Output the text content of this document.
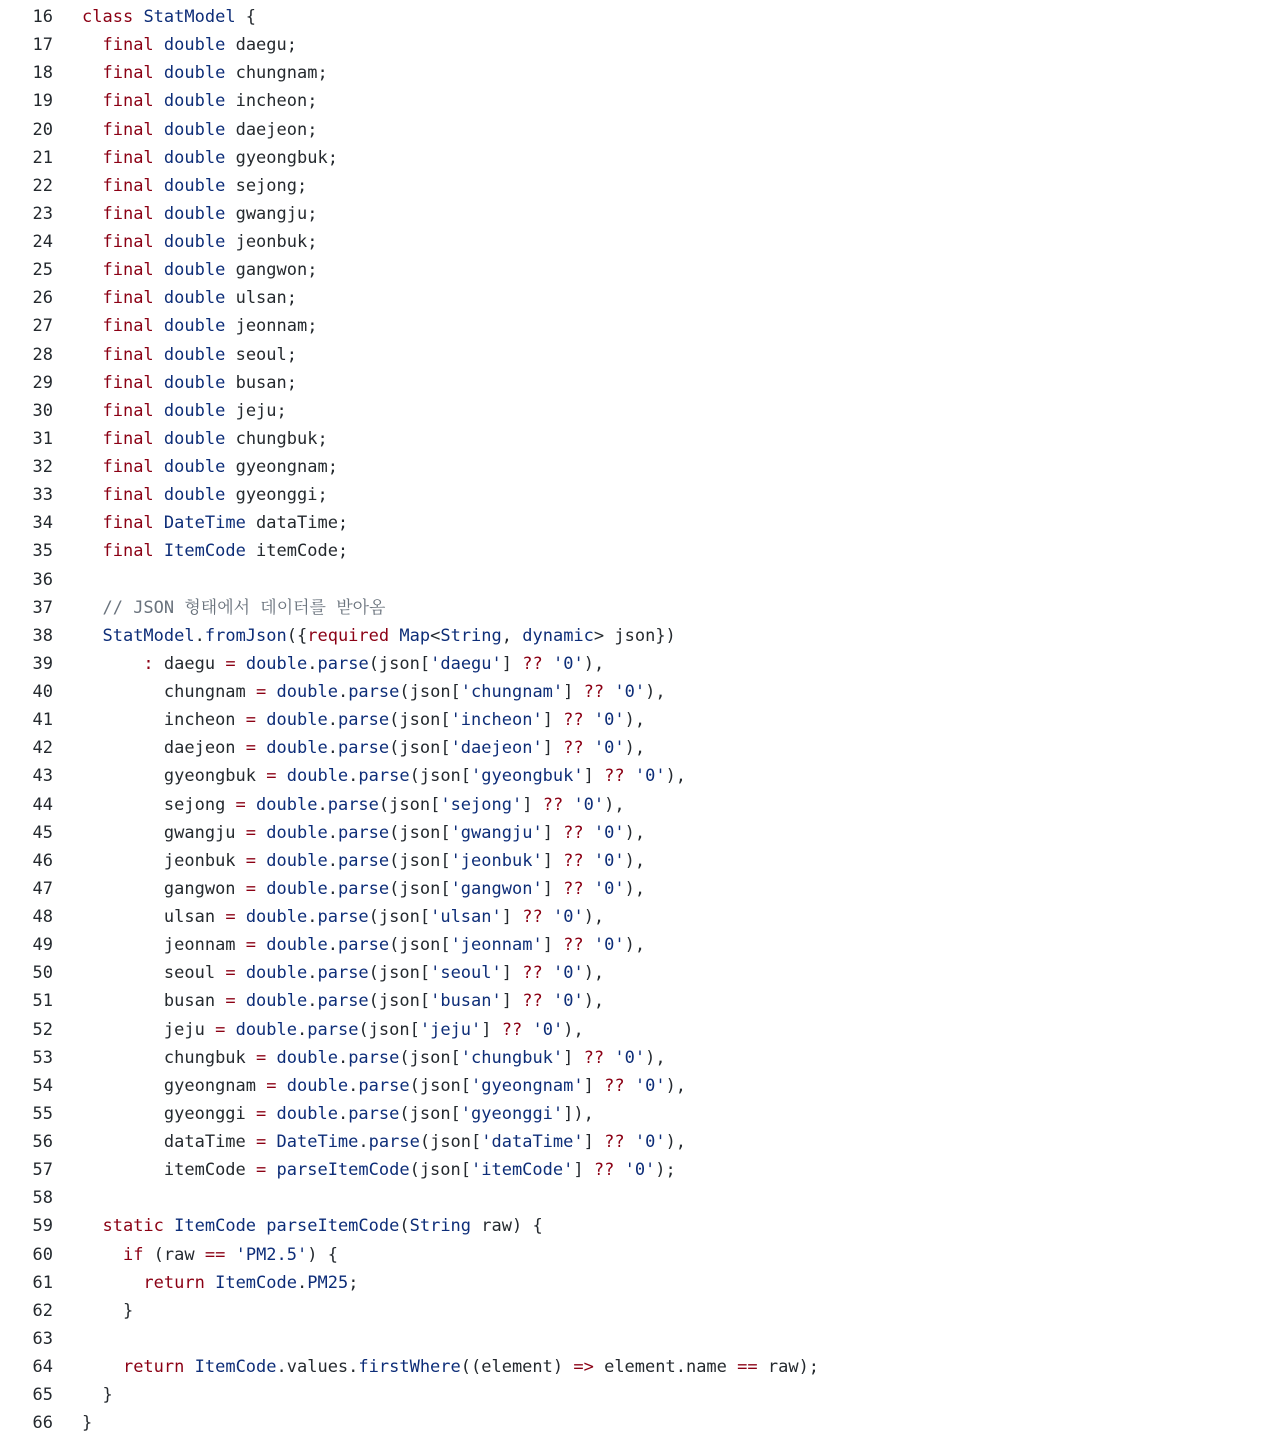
16 class StatModel {
17	final double daegu;
18	final double chungnam;
19	final double incheon;
20	final double daejeon;
21	final double gyeongbuk;
22	final double sejong;
23	final double gwangju;
24	final double jeonbuk;
25	final double gangwon;
26	final double ulsan;
27	final double jeonnam;
28	final double seoul;
29	final double busan;
30	final double jeju;
31	final double chungbuk;
32	final double gyeongnam;
33	final double gyeonggi;
34	final DateTime dataTime;
35	final ItemCode itemCode;
36
37	// JSON 형태에서 데이터를 받아옴
38	StatModel.fromJson({required Map<String, dynamic> json})
39	: daegu = double.parse(json['daegu'] ?? '0'),
40	chungnam = double.parse(json['chungnam'] ?? '0'),
41	incheon = double.parse(json['incheon'] ?? '0'),
42	daejeon = double.parse(json['daejeon'] ?? '0'),
43	gyeongbuk = double.parse(json['gyeongbuk'] ?? '0'),
44	sejong = double.parse(json['sejong'] ?? '0'),
45	gwangju = double.parse(json['gwangju'] ?? '0'),
46	jeonbuk = double.parse(json['jeonbuk'] ?? '0'),
47	gangwon = double.parse(json['gangwon'] ?? '0'),
48	ulsan = double.parse(json['ulsan'] ?? '0'),
49	jeonnam = double.parse(json['jeonnam'] ?? '0'),
50	seoul = double.parse(json['seoul'] ?? '0'),
51	busan = double.parse(json['busan'] ?? '0'),
52	jeju = double.parse(json['jeju'] ?? '0'),
53	chungbuk = double.parse(json['chungbuk'] ?? '0'),
54	gyeongnam = double.parse(json['gyeongnam'] ?? '0'),
55	gyeonggi = double.parse(json['gyeonggi']),
56	dataTime = DateTime.parse(json['dataTime'] ?? '0'),
57	itemCode = parseItemCode(json['itemCode'] ?? '0');
58
59	static ItemCode parseItemCode(String raw) {
60	if (raw == 'PM2.5') {
61	return ItemCode.PM25;
62	}
63
64	return ItemCode.values.firstWhere((element) => element.name == raw);
65	}
66 }
